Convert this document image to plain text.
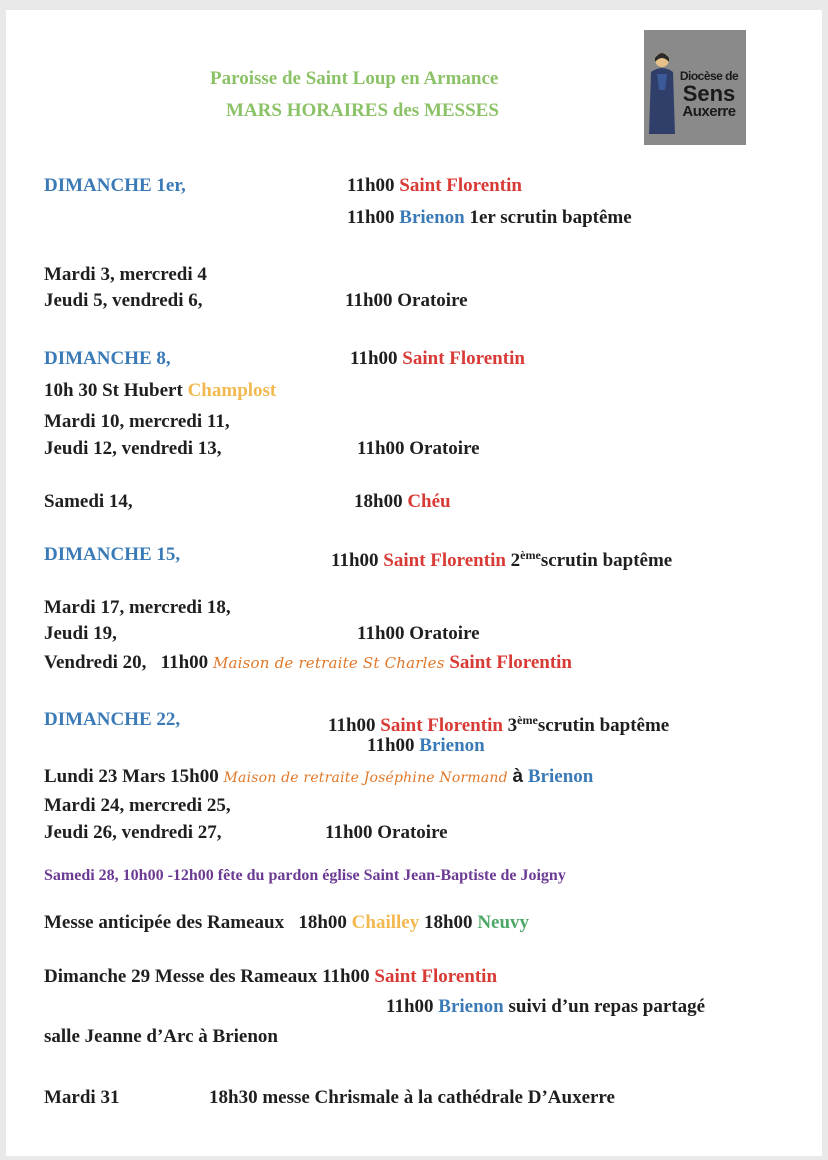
Paroisse de Saint Loup en Armance
MARS HORAIRES des MESSES
Diocèse de
Sens
Auxerre
DIMANCHE 1er,	11h00 Saint Florentin
11h00 Brienon 1er scrutin baptême
Mardi 3, mercredi 4
Jeudi 5, vendredi 6,	11h00 Oratoire
DIMANCHE 8,	11h00 Saint Florentin
10h 30 St Hubert Champlost
Mardi 10, mercredi 11,
Jeudi 12, vendredi 13,	11h00 Oratoire
Samedi 14,	18h00 Chéu
DIMANCHE 15,	11h00 Saint Florentin 2èmescrutin baptême
Mardi 17, mercredi 18,
Jeudi 19,	11h00 Oratoire
Vendredi 20,   11h00 Maison de retraite St Charles Saint Florentin
DIMANCHE 22,	11h00 Saint Florentin 3èmescrutin baptême
11h00 Brienon
Lundi 23 Mars 15h00 Maison de retraite Joséphine Normand à Brienon
Mardi 24, mercredi 25,
Jeudi 26, vendredi 27,	11h00 Oratoire
Samedi 28, 10h00 -12h00 fête du pardon église Saint Jean-Baptiste de Joigny
Messe anticipée des Rameaux   18h00 Chailley 18h00 Neuvy
Dimanche 29 Messe des Rameaux 11h00 Saint Florentin
11h00 Brienon suivi d’un repas partagé
salle Jeanne d’Arc à Brienon
Mardi 31	18h30 messe Chrismale à la cathédrale D’Auxerre
